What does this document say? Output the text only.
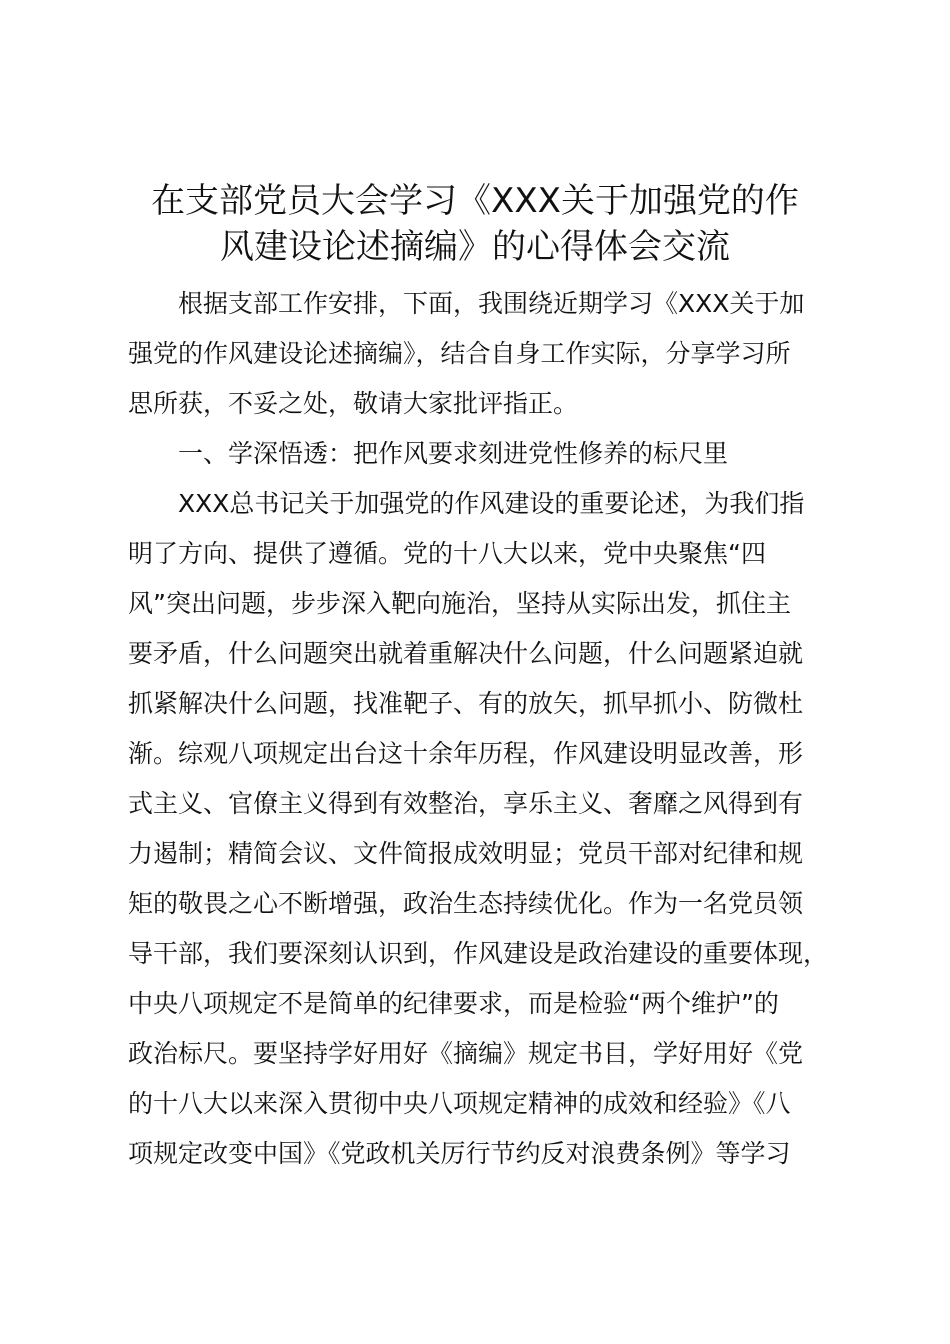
在支部党员大会学习《XXX关于加强党的作
风建设论述摘编》的心得体会交流
根据支部工作安排，下面，我围绕近期学习《XXX关于加
强党的作风建设论述摘编》，结合自身工作实际，分享学习所
思所获，不妥之处，敬请大家批评指正。
一、学深悟透：把作风要求刻进党性修养的标尺里
XXX总书记关于加强党的作风建设的重要论述，为我们指
明了方向、提供了遵循。党的十八大以来，党中央聚焦“四
风”突出问题，步步深入靶向施治，坚持从实际出发，抓住主
要矛盾，什么问题突出就着重解决什么问题，什么问题紧迫就
抓紧解决什么问题，找准靶子、有的放矢，抓早抓小、防微杜
渐。综观八项规定出台这十余年历程，作风建设明显改善，形
式主义、官僚主义得到有效整治，享乐主义、奢靡之风得到有
力遏制；精简会议、文件简报成效明显；党员干部对纪律和规
矩的敬畏之心不断增强，政治生态持续优化。作为一名党员领
导干部，我们要深刻认识到，作风建设是政治建设的重要体现，
中央八项规定不是简单的纪律要求，而是检验“两个维护”的
政治标尺。要坚持学好用好《摘编》规定书目，学好用好《党
的十八大以来深入贯彻中央八项规定精神的成效和经验》《八
项规定改变中国》《党政机关厉行节约反对浪费条例》等学习
